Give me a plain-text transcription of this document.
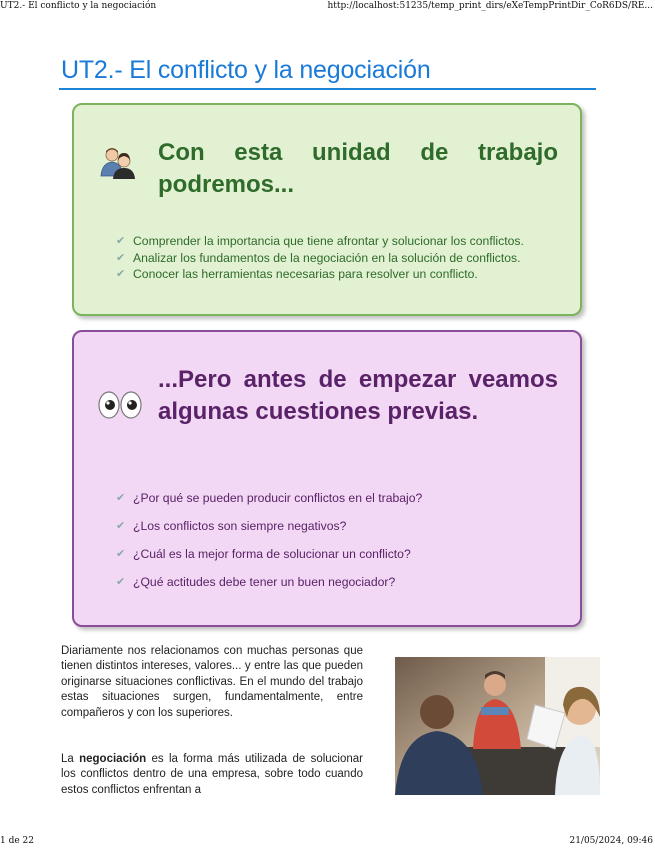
UT2.- El conflicto y la negociación	http://localhost:51235/temp_print_dirs/eXeTempPrintDir_CoR6DS/RE...
UT2.- El conflicto y la negociación
Con esta unidad de trabajo podremos...
✔ Comprender la importancia que tiene afrontar y solucionar los conflictos.
✔ Analizar los fundamentos de la negociación en la solución de conflictos.
✔ Conocer las herramientas necesarias para resolver un conflicto.
...Pero antes de empezar veamos algunas cuestiones previas.
✔ ¿Por qué se pueden producir conflictos en el trabajo?
✔ ¿Los conflictos son siempre negativos?
✔ ¿Cuál es la mejor forma de solucionar un conflicto?
✔ ¿Qué actitudes debe tener un buen negociador?

Diariamente nos relacionamos con muchas personas que tienen distintos intereses, valores... y entre las que pueden originarse situaciones conflictivas. En el mundo del trabajo estas situaciones surgen, fundamentalmente, entre compañeros y con los superiores.

La negociación es la forma más utilizada de solucionar los conflictos dentro de una empresa, sobre todo cuando estos conflictos enfrentan a

1 de 22	21/05/2024, 09:46
